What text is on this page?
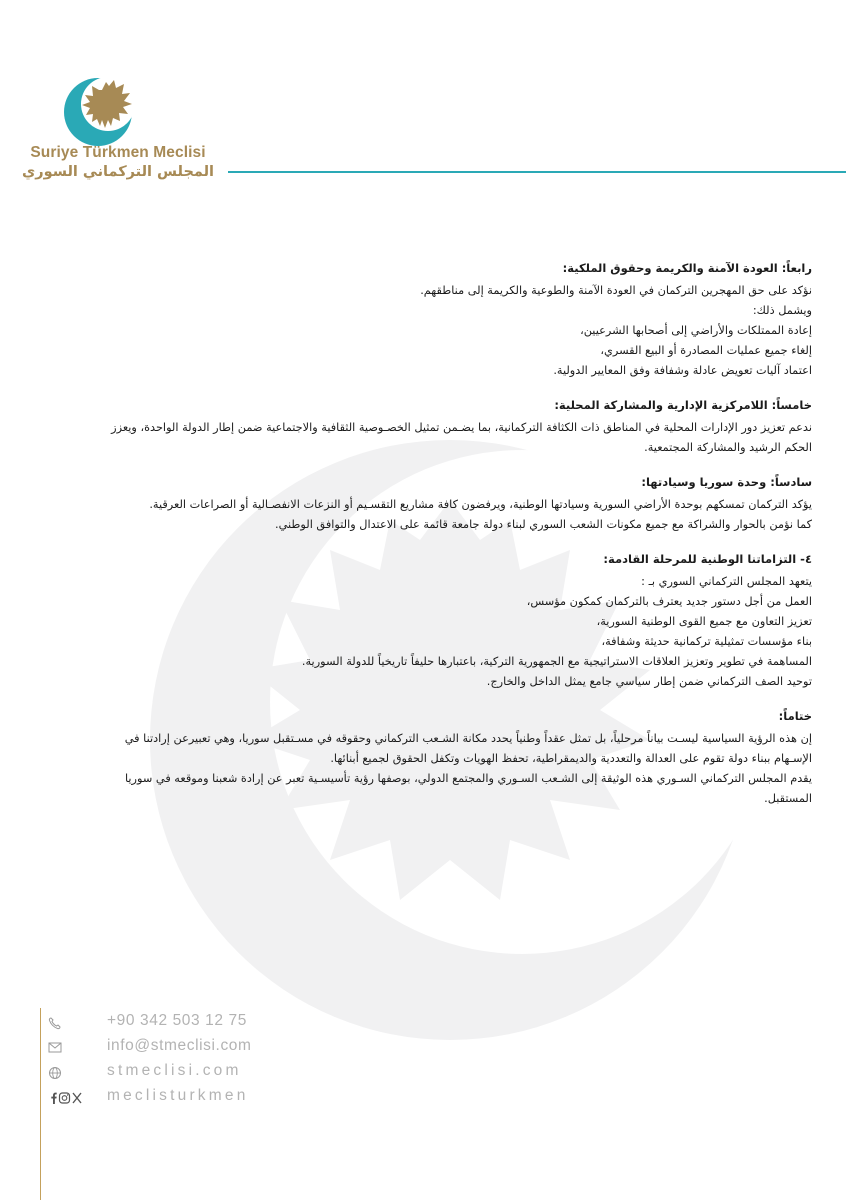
Suriye Türkmen Meclisi
المجلس التركماني السوري
رابعاً: العودة الآمنة والكريمة وحقوق الملكية:

نؤكد على حق المهجرين التركمان في العودة الآمنة والطوعية والكريمة إلى مناطقهم.

ويشمل ذلك:

إعادة الممتلكات والأراضي إلى أصحابها الشرعيين،

إلغاء جميع عمليات المصادرة أو البيع القسري،

اعتماد آليات تعويض عادلة وشفافة وفق المعايير الدولية.

خامساً: اللامركزية الإدارية والمشاركة المحلية:

ندعم تعزيز دور الإدارات المحلية في المناطق ذات الكثافة التركمانية، بما يضـمن تمثيل الخصـوصية الثقافية والاجتماعية ضمن إطار الدولة الواحدة، ويعزز الحكم الرشيد والمشاركة المجتمعية.

سادساً: وحدة سوريا وسيادتها:

يؤكد التركمان تمسكهم بوحدة الأراضي السورية وسيادتها الوطنية، ويرفضون كافة مشاريع التقسـيم أو النزعات الانفصـالية أو الصراعات العرقية.

كما نؤمن بالحوار والشراكة مع جميع مكونات الشعب السوري لبناء دولة جامعة قائمة على الاعتدال والتوافق الوطني.

٤- التزاماتنا الوطنية للمرحلة القادمة:

يتعهد المجلس التركماني السوري بـ :

العمل من أجل دستور جديد يعترف بالتركمان كمكون مؤسس،

تعزيز التعاون مع جميع القوى الوطنية السورية،

بناء مؤسسات تمثيلية تركمانية حديثة وشفافة،

المساهمة في تطوير وتعزيز العلاقات الاستراتيجية مع الجمهورية التركية، باعتبارها حليفاً تاريخياً للدولة السورية.

توحيد الصف التركماني ضمن إطار سياسي جامع يمثل الداخل والخارج.

ختاماً:

إن هذه الرؤية السياسية ليسـت بياناً مرحلياً، بل تمثل عقداً وطنياً يحدد مكانة الشـعب التركماني وحقوقه في مسـتقبل سوريا، وهي تعبيرعن إرادتنا في الإسـهام ببناء دولة تقوم على العدالة والتعددية والديمقراطية، تحفظ الهويات وتكفل الحقوق لجميع أبنائها.

يقدم المجلس التركماني السـوري هذه الوثيقة إلى الشـعب السـوري والمجتمع الدولي، بوصفها رؤية تأسيسـية تعبر عن إرادة شعبنا وموقعه في سوريا المستقبل.

+90 342 503 12 75
info@stmeclisi.com
stmeclisi.com
meclisturkmen
